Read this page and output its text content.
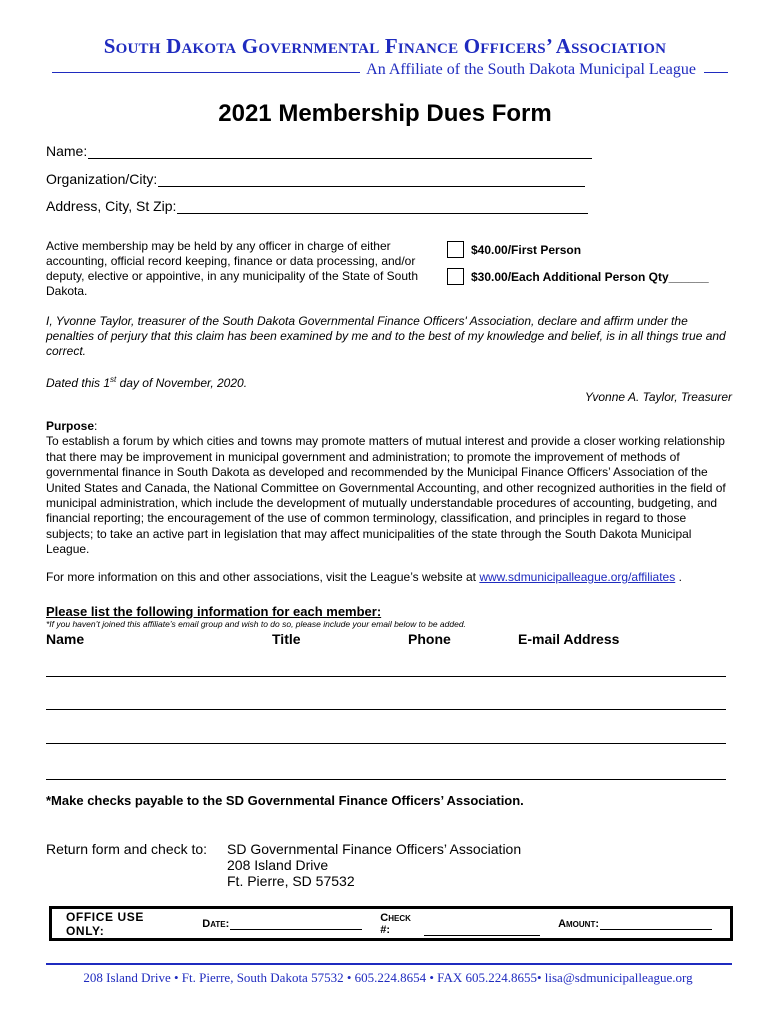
South Dakota Governmental Finance Officers’ Association
An Affiliate of the South Dakota Municipal League
2021 Membership Dues Form
Name:
Organization/City:
Address, City, St Zip:
Active membership may be held by any officer in charge of either accounting, official record keeping, finance or data processing, and/or deputy, elective or appointive, in any municipality of the State of South Dakota.
$40.00/First Person
$30.00/Each Additional Person Qty______
I, Yvonne Taylor, treasurer of the South Dakota Governmental Finance Officers' Association, declare and affirm under the penalties of perjury that this claim has been examined by me and to the best of my knowledge and belief, is in all things true and correct.
Dated this 1st day of November, 2020.
Yvonne A. Taylor, Treasurer
Purpose:
To establish a forum by which cities and towns may promote matters of mutual interest and provide a closer working relationship that there may be improvement in municipal government and administration; to promote the improvement of methods of governmental finance in South Dakota as developed and recommended by the Municipal Finance Officers’ Association of the United States and Canada, the National Committee on Governmental Accounting, and other recognized authorities in the field of municipal administration, which include the development of mutually understandable procedures of accounting, budgeting, and financial reporting; the encouragement of the use of common terminology, classification, and principles in regard to those subjects; to take an active part in legislation that may affect municipalities of the state through the South Dakota Municipal League.
For more information on this and other associations, visit the League’s website at www.sdmunicipalleague.org/affiliates .
Please list the following information for each member:
*If you haven’t joined this affiliate’s email group and wish to do so, please include your email below to be added.
Name	Title	Phone	E-mail Address
*Make checks payable to the SD Governmental Finance Officers’ Association.
Return form and check to: SD Governmental Finance Officers’ Association
208 Island Drive
Ft. Pierre, SD 57532
OFFICE USE ONLY:	Date:	Check #:	Amount:
208 Island Drive • Ft. Pierre, South Dakota 57532 • 605.224.8654 • FAX 605.224.8655• lisa@sdmunicipalleague.org
